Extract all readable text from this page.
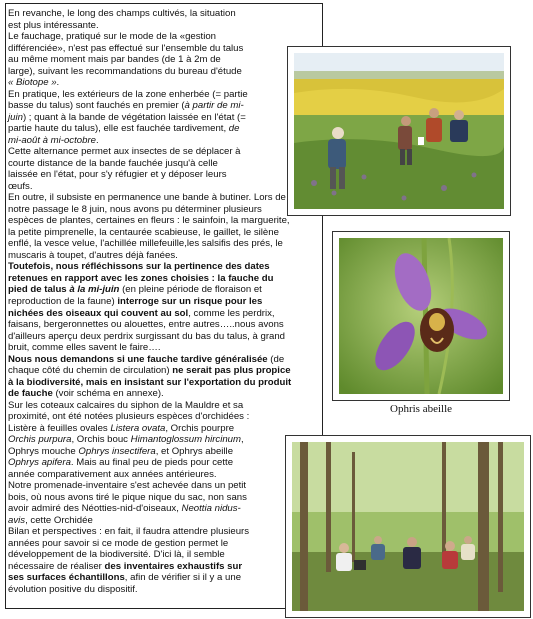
Ophris abeille
En revanche, le long des champs cultivés, la situation
est plus intéressante.
Le fauchage, pratiqué sur le mode de la «gestion
différenciée», n'est pas effectué sur l'ensemble du talus
au même moment mais par bandes (de 1 à 2m de
large), suivant les recommandations du bureau d'étude
« Biotope ».
En pratique, les extérieurs de la zone enherbée (= partie
basse du talus) sont fauchés en premier (à partir de mi-
juin) ; quant à la bande de végétation laissée en l'état (=
partie haute du talus), elle est fauchée tardivement, de
mi-août à mi-octobre.
Cette alternance permet aux insectes de se déplacer à
courte distance de la bande fauchée jusqu'à celle
laissée en l'état, pour s'y réfugier et y déposer leurs
œufs.
En outre, il subsiste en permanence une bande à butiner. Lors de
notre passage le 8 juin, nous avons pu déterminer plusieurs
espèces de plantes, certaines en fleurs : le sainfoin, la marguerite,
la petite pimprenelle, la centaurée scabieuse, le gaillet, le silène
enflé, la vesce velue, l'achillée millefeuille,les salsifis des prés, le
muscaris à toupet, d'autres déjà fanées.
Toutefois, nous réfléchissons sur la pertinence des dates
retenues en rapport avec les zones choisies : la fauche du
pied de talus à la mi-juin (en pleine période de floraison et
reproduction de la faune) interroge sur un risque pour les
nichées des oiseaux qui couvent au sol, comme les perdrix,
faisans, bergeronnettes ou alouettes, entre autres…..nous avons
d'ailleurs aperçu deux perdrix surgissant du bas du talus, à grand
bruit, comme elles savent le faire….
Nous nous demandons si une fauche tardive généralisée (de
chaque côté du chemin de circulation) ne serait pas plus propice
à la biodiversité, mais en insistant sur l'exportation du produit
de fauche (voir schéma en annexe).
Sur les coteaux calcaires du siphon de la Mauldre et sa
proximité, ont été notées plusieurs espèces d'orchidées :
Listère à feuilles ovales Listera ovata, Orchis pourpre
Orchis purpura, Orchis bouc Himantoglossum hircinum,
Ophrys mouche Ophrys insectifera, et Ophrys abeille
Ophrys apifera. Mais au final peu de pieds pour cette
année comparativement aux années antérieures.
Notre promenade-inventaire s'est achevée dans un petit
bois, où nous avons tiré le pique nique du sac, non sans
avoir admiré des Néotties-nid-d'oiseaux, Neottia nidus-
avis, cette Orchidée
Bilan et perspectives : en fait, il faudra attendre plusieurs
années pour savoir si ce mode de gestion permet le
développement de la biodiversité. D'ici là, il semble
nécessaire de réaliser des inventaires exhaustifs sur
ses surfaces échantillons, afin de vérifier si il y a une
évolution positive du dispositif.
